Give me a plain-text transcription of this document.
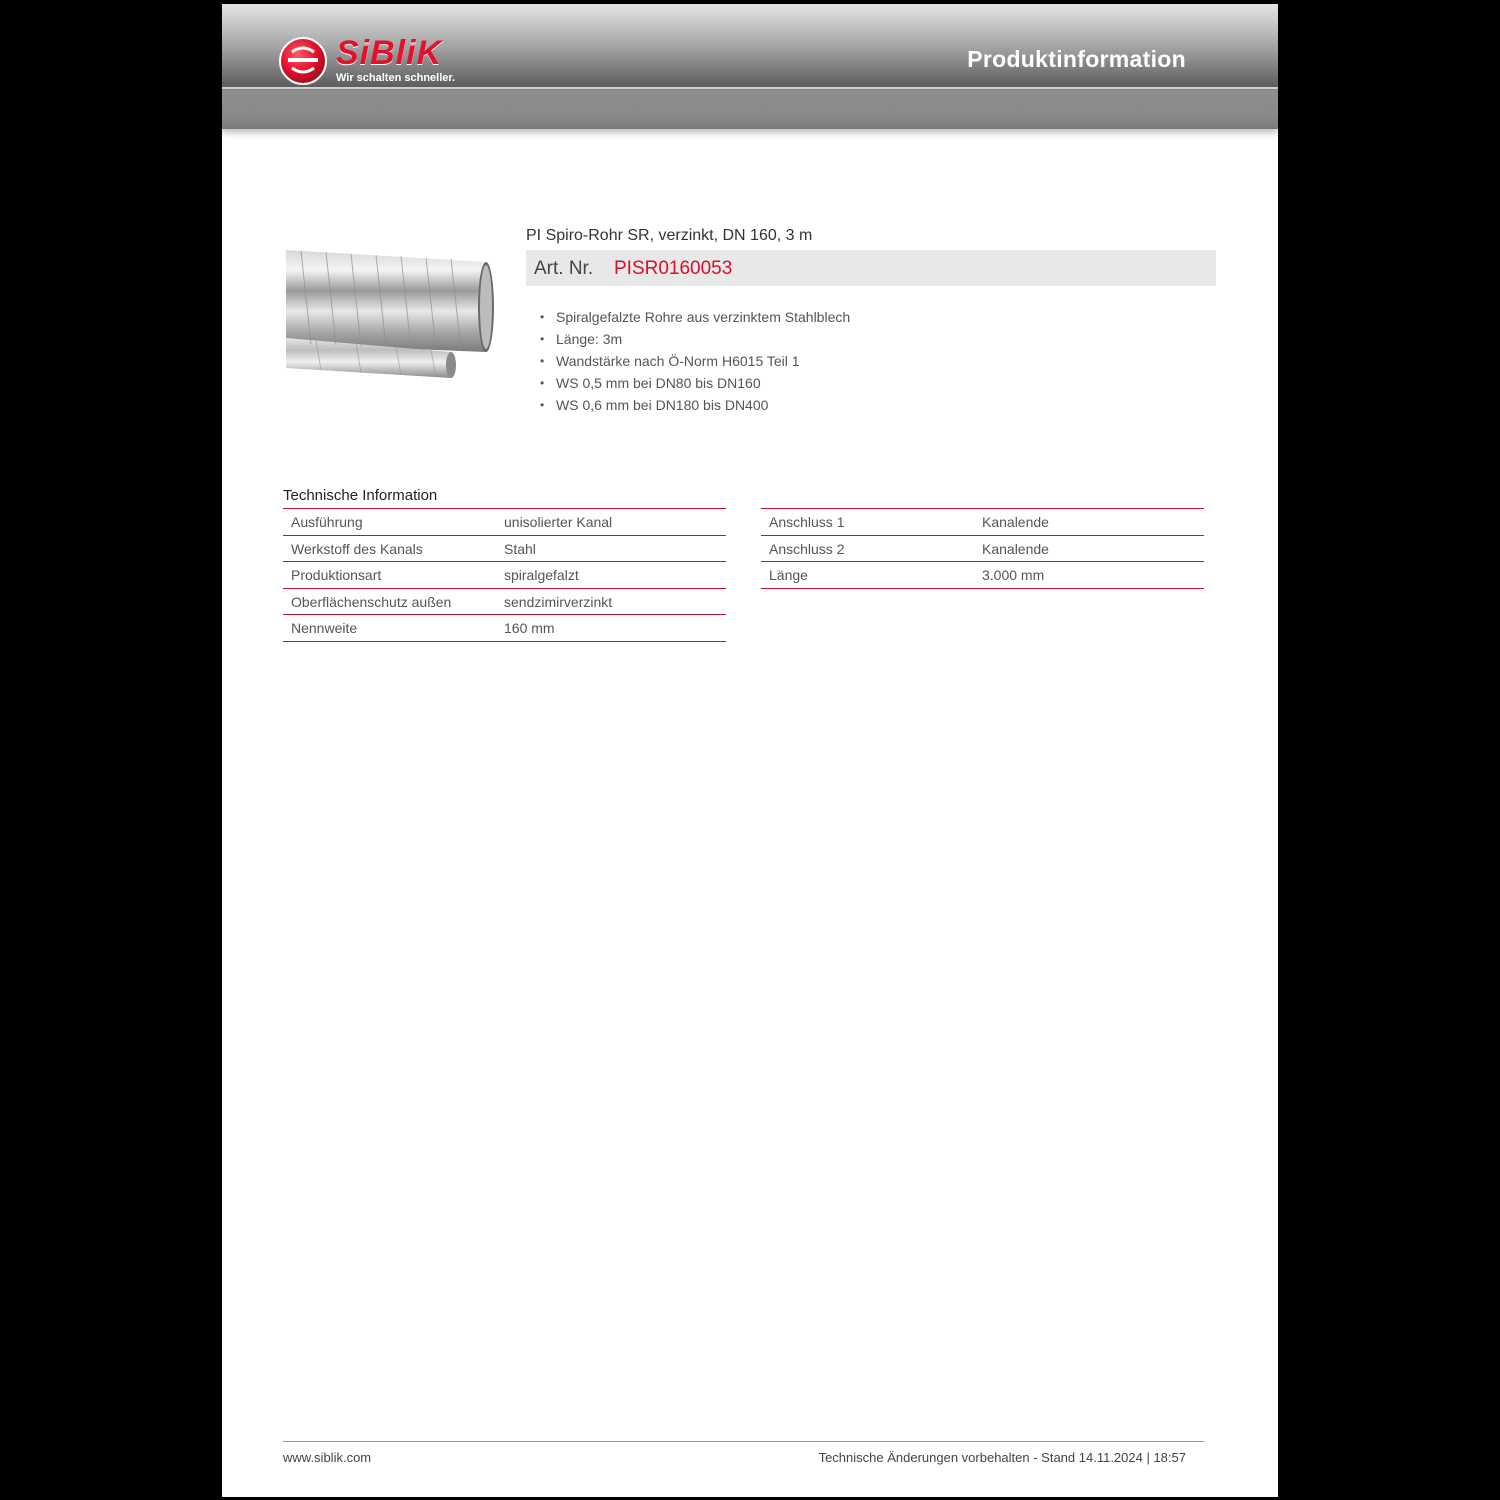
SiBliK
Wir schalten schneller.
Produktinformation
PI Spiro-Rohr SR, verzinkt, DN 160, 3 m
Art. Nr. PISR0160053
• Spiralgefalzte Rohre aus verzinktem Stahlblech
• Länge: 3m
• Wandstärke nach Ö-Norm H6015 Teil 1
• WS 0,5 mm bei DN80 bis DN160
• WS 0,6 mm bei DN180 bis DN400
Technische Information
Ausführung	unisolierter Kanal
Werkstoff des Kanals	Stahl
Produktionsart	spiralgefalzt
Oberflächenschutz außen	sendzimirverzinkt
Nennweite	160 mm
Anschluss 1	Kanalende
Anschluss 2	Kanalende
Länge	3.000 mm
www.siblik.com	Technische Änderungen vorbehalten - Stand 14.11.2024 | 18:57
